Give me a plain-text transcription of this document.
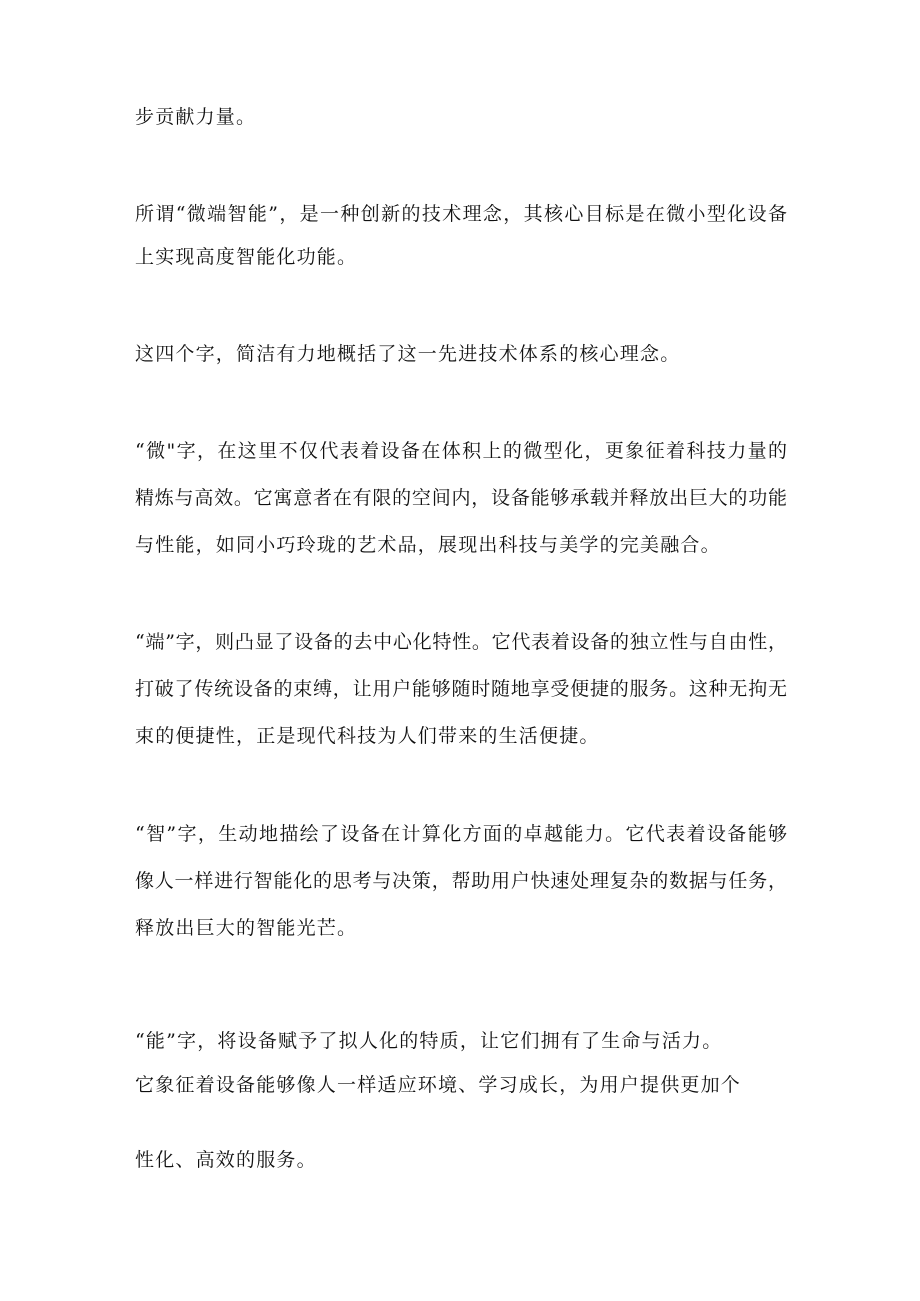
步贡献力量。
所谓“微端智能”，是一种创新的技术理念，其核心目标是在微小型化设备
上实现高度智能化功能。
这四个字，简洁有力地概括了这一先进技术体系的核心理念。
“微"字，在这里不仅代表着设备在体积上的微型化，更象征着科技力量的
精炼与高效。它寓意者在有限的空间内，设备能够承载并释放出巨大的功能
与性能，如同小巧玲珑的艺术品，展现出科技与美学的完美融合。
“端”字，则凸显了设备的去中心化特性。它代表着设备的独立性与自由性，
打破了传统设备的束缚，让用户能够随时随地享受便捷的服务。这种无拘无
束的便捷性，正是现代科技为人们带来的生活便捷。
“智”字，生动地描绘了设备在计算化方面的卓越能力。它代表着设备能够
像人一样进行智能化的思考与决策，帮助用户快速处理复杂的数据与任务，
释放出巨大的智能光芒。
“能”字，将设备赋予了拟人化的特质，让它们拥有了生命与活力。
它象征着设备能够像人一样适应环境、学习成长，为用户提供更加个
性化、高效的服务。
